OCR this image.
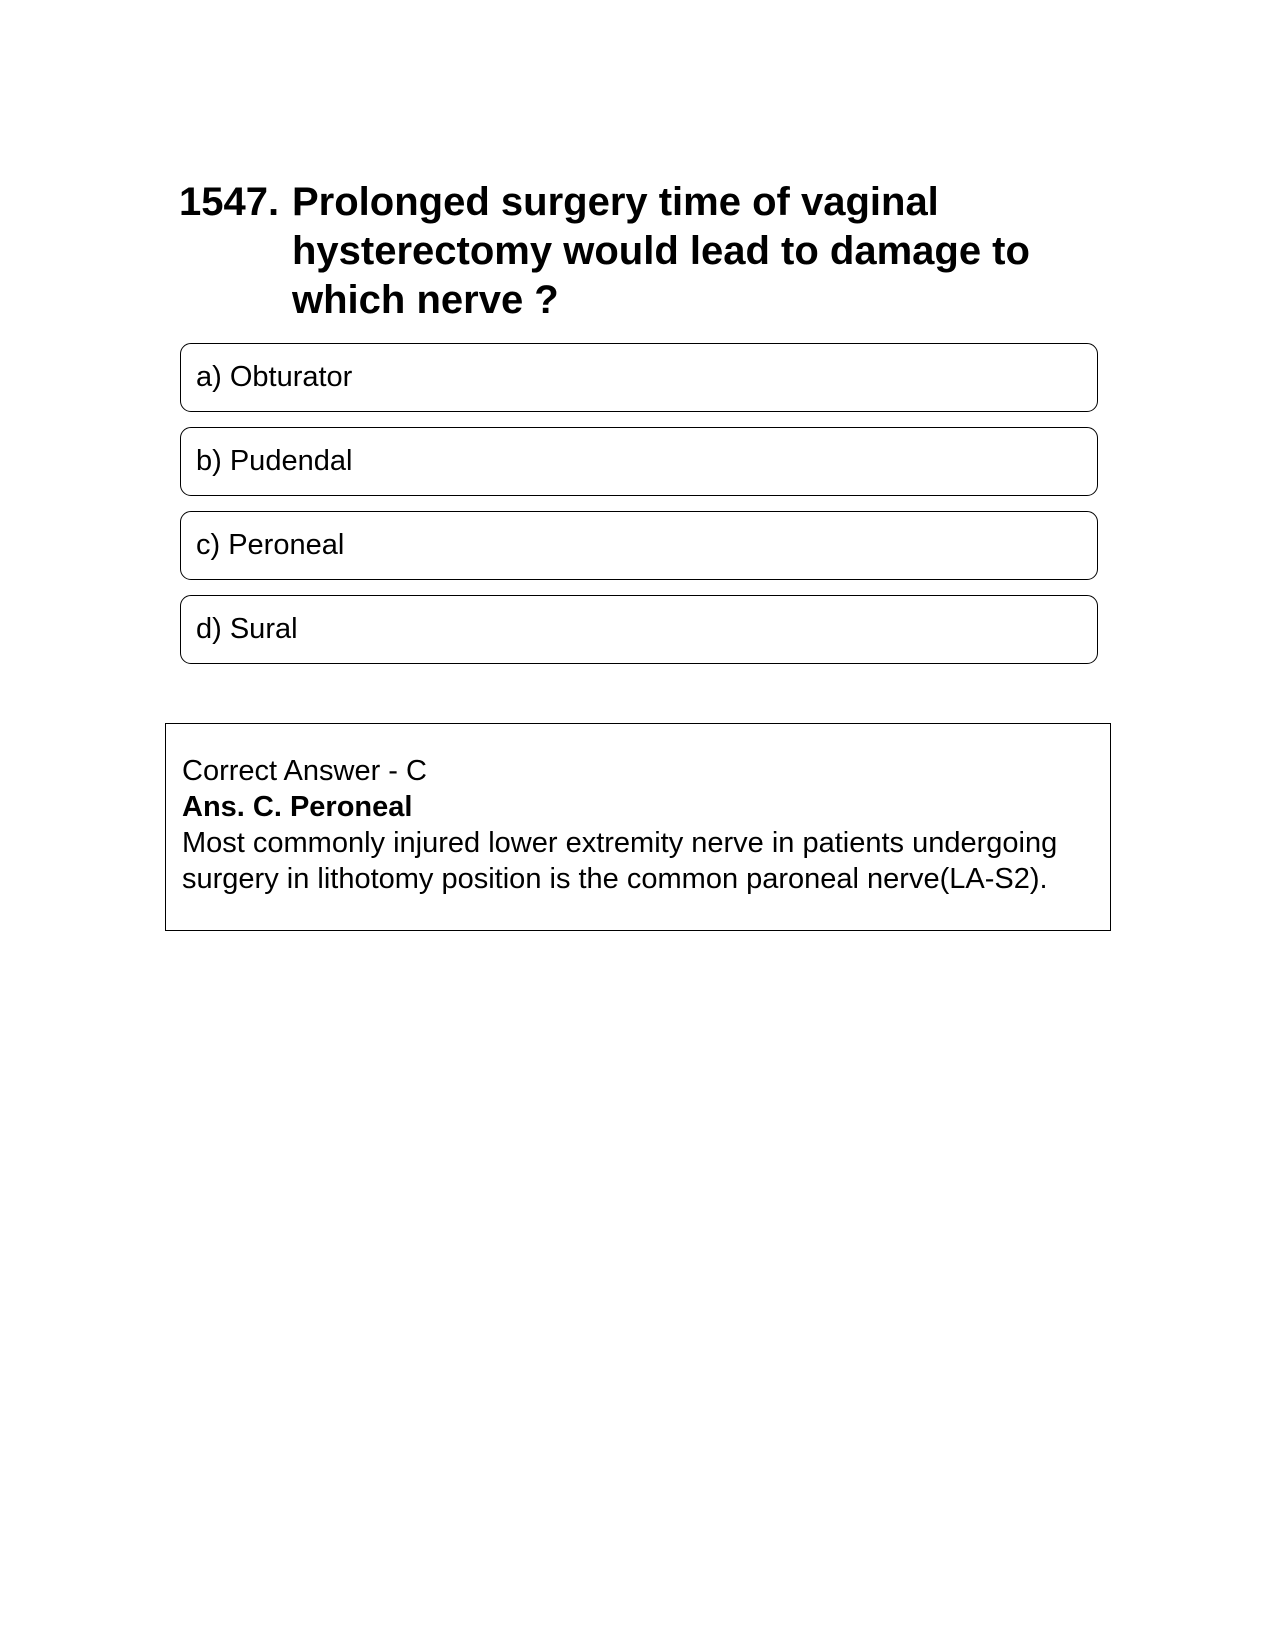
1547. Prolonged surgery time of vaginal hysterectomy would lead to damage to which nerve ?
a) Obturator
b) Pudendal
c) Peroneal
d) Sural
Correct Answer - C
Ans. C. Peroneal
Most commonly injured lower extremity nerve in patients undergoing surgery in lithotomy position is the common paroneal nerve(LA-S2).
